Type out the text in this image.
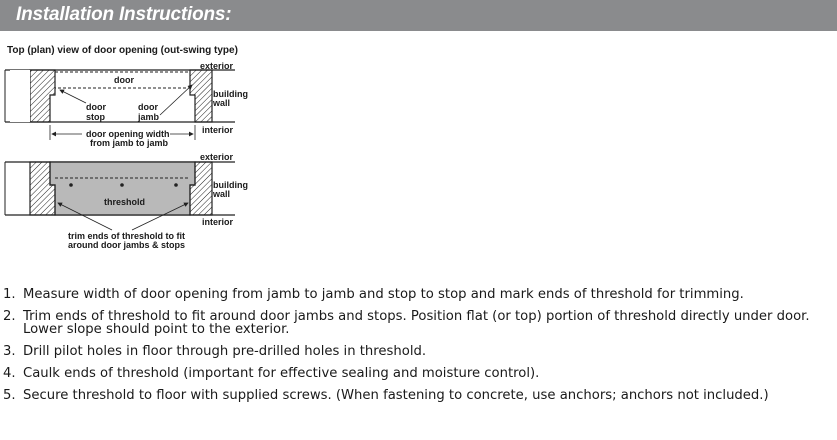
Installation Instructions:
Top (plan) view of door opening (out-swing type)
door
exterior
building
wall
door
stop
door
jamb
interior
door opening width
from jamb to jamb
exterior
building
wall
threshold
interior
trim ends of threshold to fit
around door jambs & stops
1. Measure width of door opening from jamb to jamb and stop to stop and mark ends of threshold for trimming.
2. Trim ends of threshold to fit around door jambs and stops. Position flat (or top) portion of threshold directly under door. Lower slope should point to the exterior.
3. Drill pilot holes in floor through pre-drilled holes in threshold.
4. Caulk ends of threshold (important for effective sealing and moisture control).
5. Secure threshold to floor with supplied screws. (When fastening to concrete, use anchors; anchors not included.)
